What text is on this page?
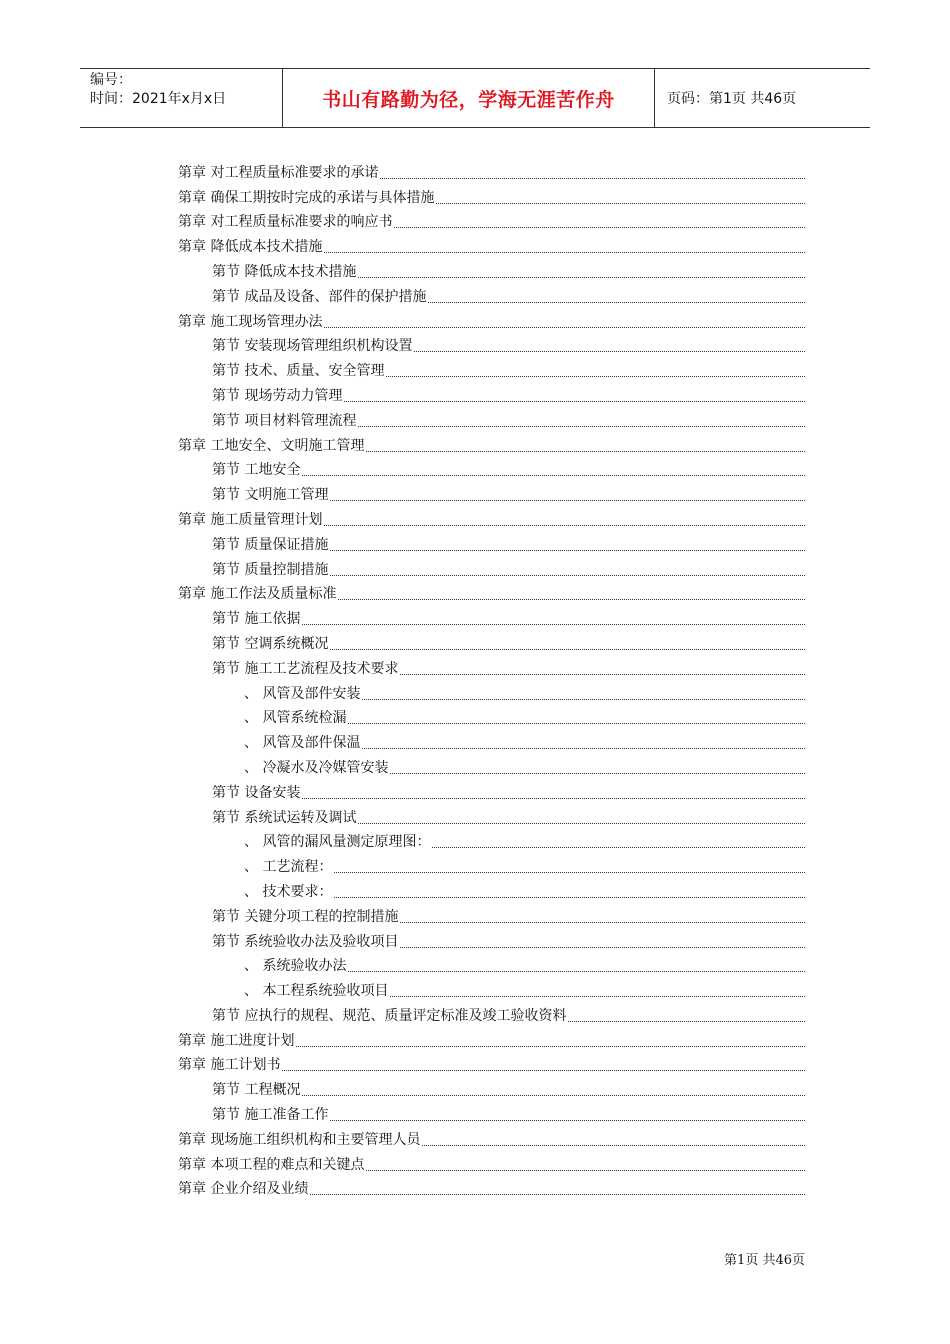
编号：
时间：2021年x月x日	书山有路勤为径，学海无涯苦作舟	页码：第1页 共46页
第章 对工程质量标准要求的承诺
第章 确保工期按时完成的承诺与具体措施
第章 对工程质量标准要求的响应书
第章 降低成本技术措施
第节 降低成本技术措施
第节 成品及设备、部件的保护措施
第章 施工现场管理办法
第节 安装现场管理组织机构设置
第节 技术、质量、安全管理
第节 现场劳动力管理
第节 项目材料管理流程
第章 工地安全、文明施工管理
第节 工地安全
第节 文明施工管理
第章 施工质量管理计划
第节 质量保证措施
第节 质量控制措施
第章 施工作法及质量标准
第节 施工依据
第节 空调系统概况
第节 施工工艺流程及技术要求
、 风管及部件安装
、 风管系统检漏
、 风管及部件保温
、 冷凝水及冷媒管安装
第节 设备安装
第节 系统试运转及调试
、 风管的漏风量测定原理图：
、 工艺流程：
、 技术要求：
第节 关键分项工程的控制措施
第节 系统验收办法及验收项目
、 系统验收办法
、 本工程系统验收项目
第节 应执行的规程、规范、质量评定标准及竣工验收资料
第章 施工进度计划
第章 施工计划书
第节 工程概况
第节 施工准备工作
第章 现场施工组织机构和主要管理人员
第章 本项工程的难点和关键点
第章 企业介绍及业绩
第1页 共46页
